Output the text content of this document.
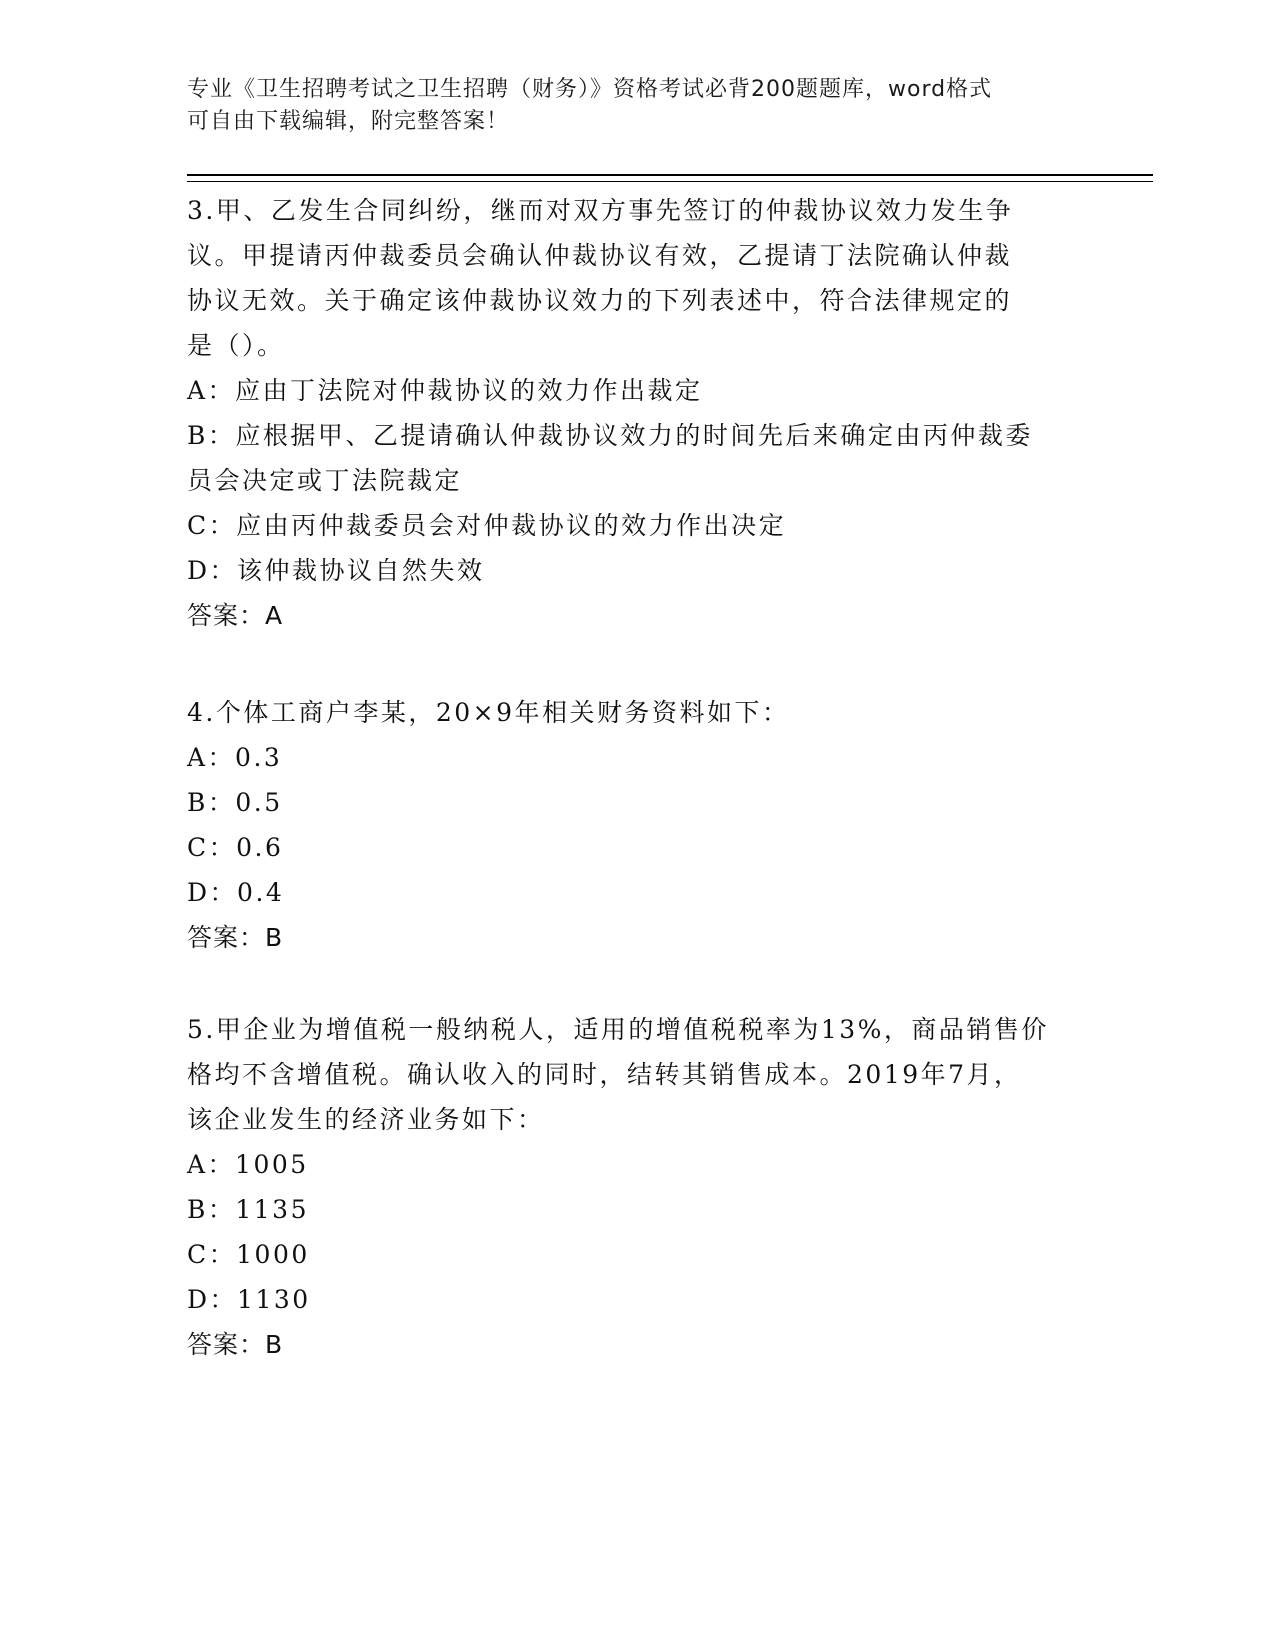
专业《卫生招聘考试之卫生招聘（财务）》资格考试必背200题题库，word格式
可自由下载编辑，附完整答案！
3.甲、乙发生合同纠纷，继而对双方事先签订的仲裁协议效力发生争
议。甲提请丙仲裁委员会确认仲裁协议有效，乙提请丁法院确认仲裁
协议无效。关于确定该仲裁协议效力的下列表述中，符合法律规定的
是（）。
A：应由丁法院对仲裁协议的效力作出裁定
B：应根据甲、乙提请确认仲裁协议效力的时间先后来确定由丙仲裁委
员会决定或丁法院裁定
C：应由丙仲裁委员会对仲裁协议的效力作出决定
D：该仲裁协议自然失效
答案：A
4.个体工商户李某，20×9年相关财务资料如下：
A：0.3
B：0.5
C：0.6
D：0.4
答案：B
5.甲企业为增值税一般纳税人，适用的增值税税率为13%，商品销售价
格均不含增值税。确认收入的同时，结转其销售成本。2019年7月，
该企业发生的经济业务如下：
A：1005
B：1135
C：1000
D：1130
答案：B
